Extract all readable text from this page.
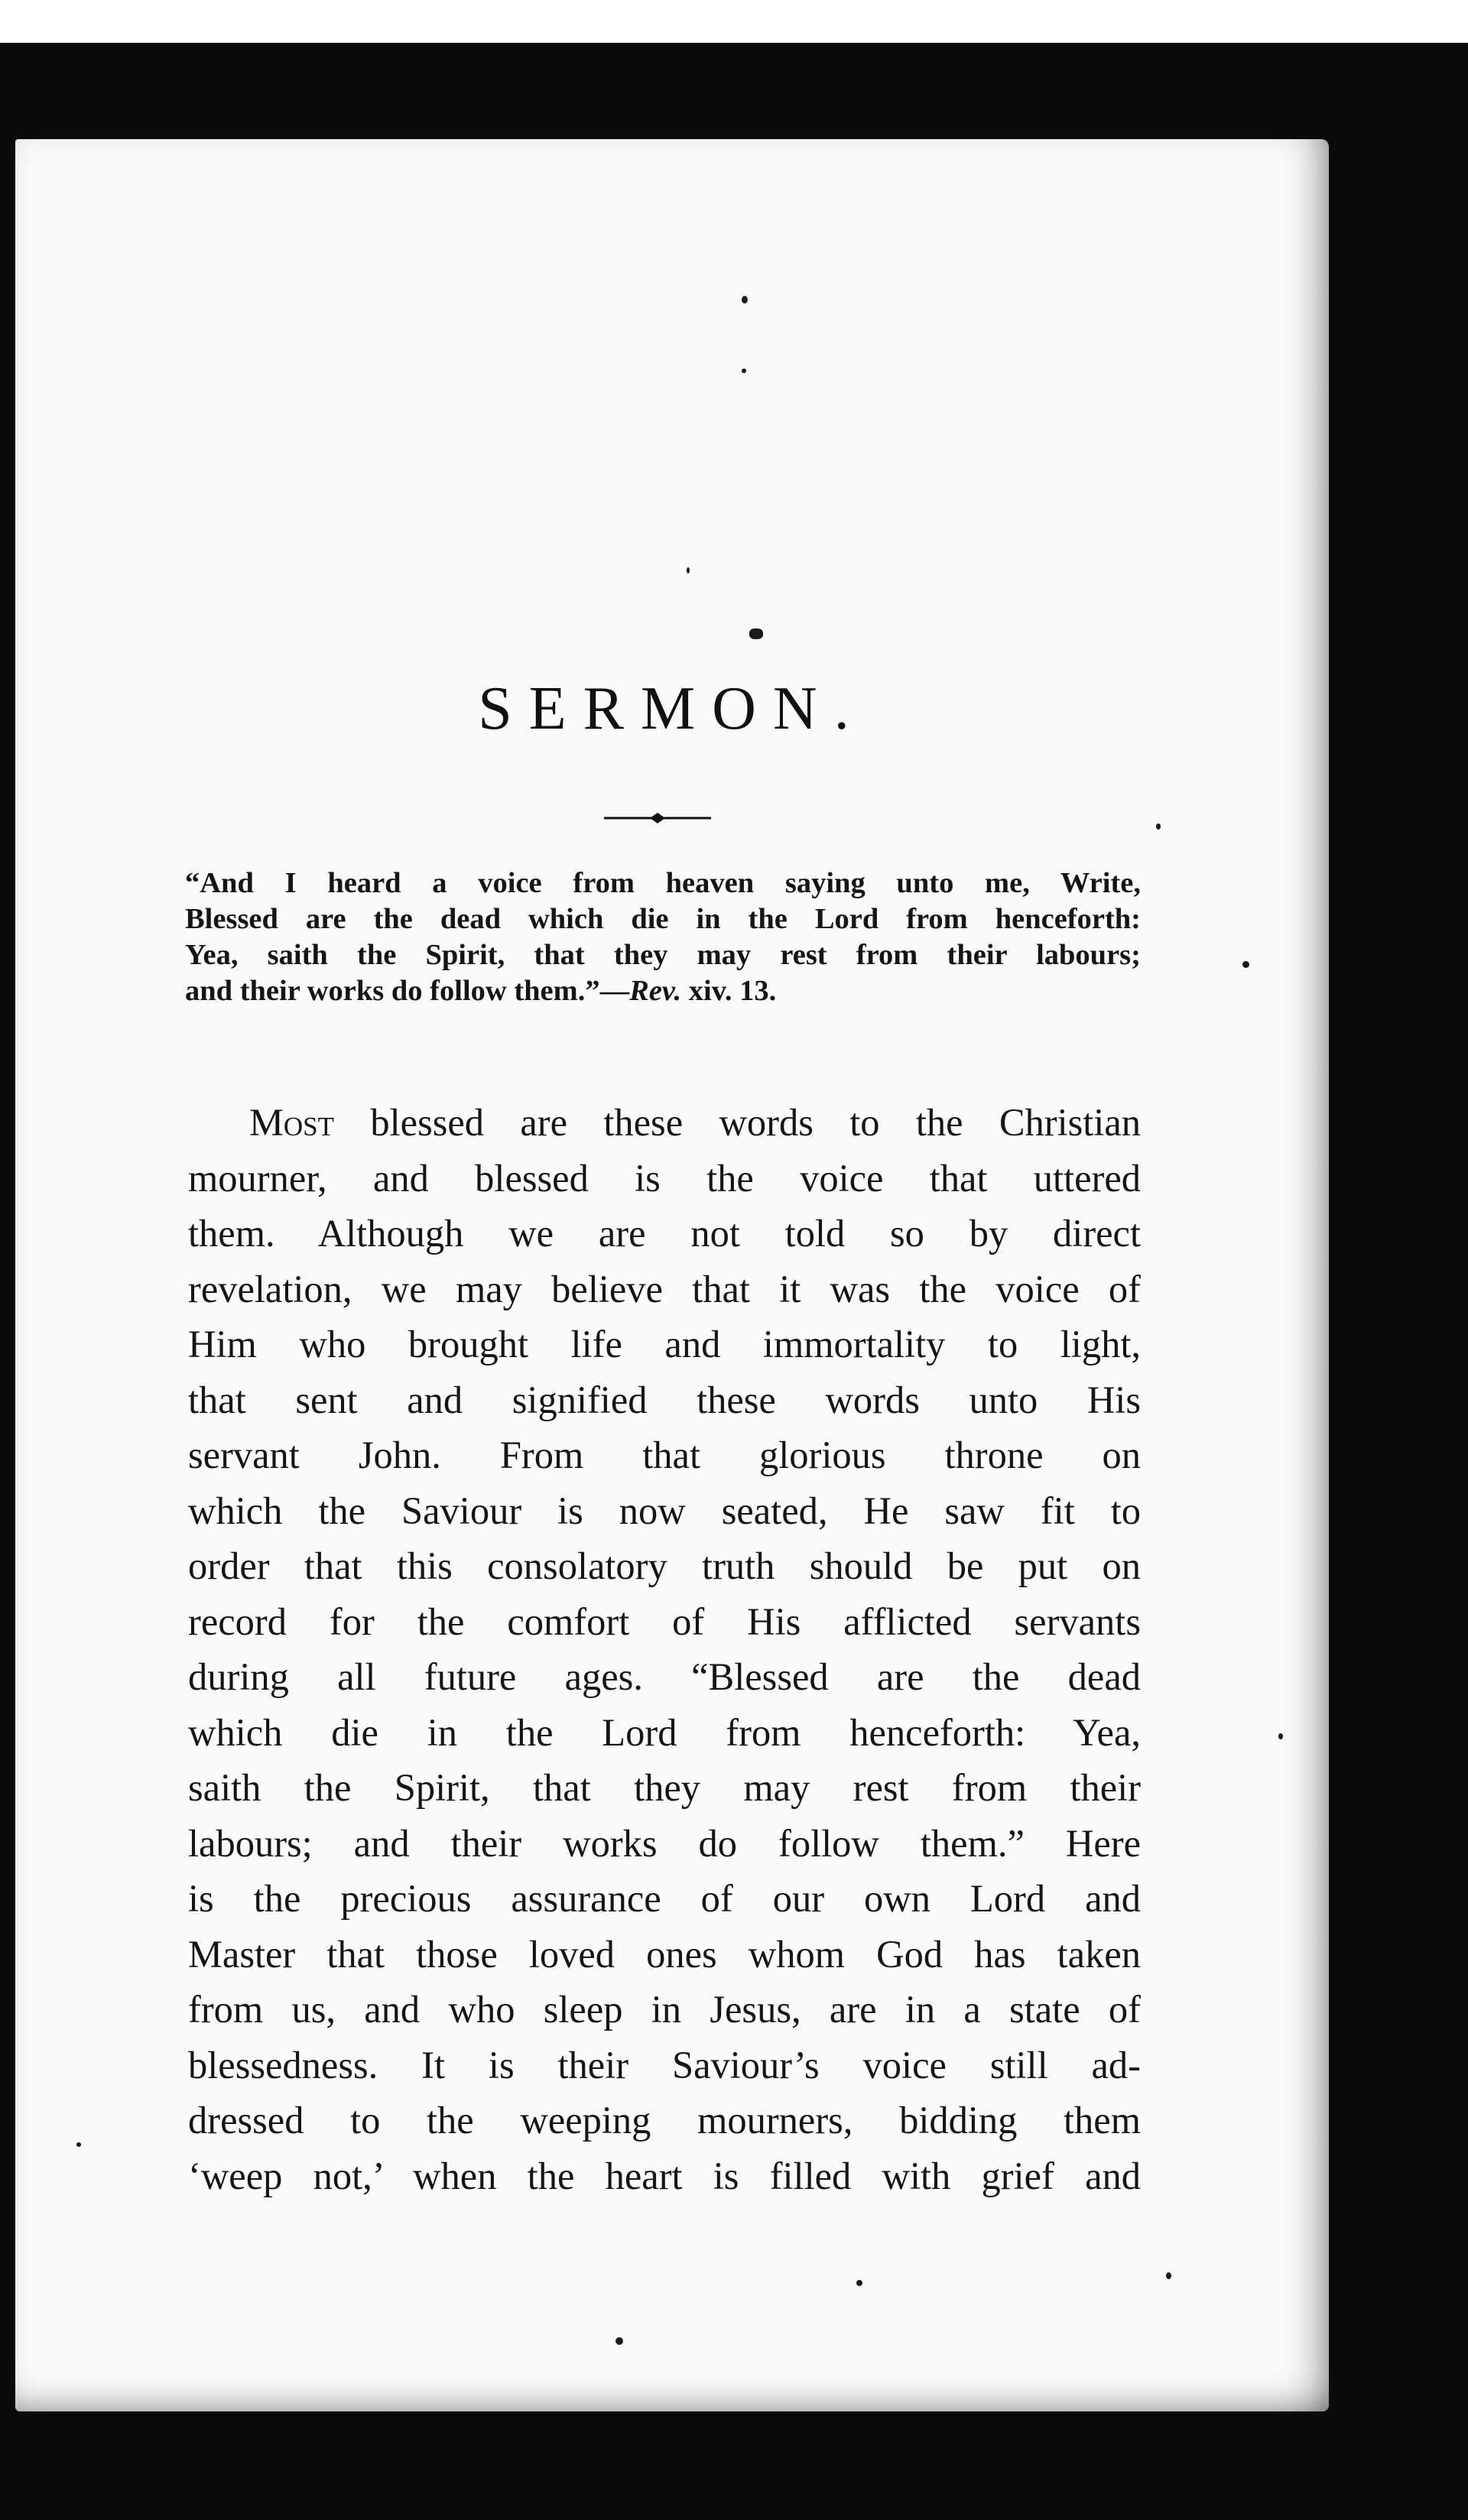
SERMON.
“And I heard a voice from heaven saying unto me, Write,
Blessed are the dead which die in the Lord from henceforth:
Yea, saith the Spirit, that they may rest from their labours;
and their works do follow them.”—Rev. xiv. 13.
Most blessed are these words to the Christian
mourner, and blessed is the voice that uttered
them. Although we are not told so by direct
revelation, we may believe that it was the voice of
Him who brought life and immortality to light,
that sent and signified these words unto His
servant John. From that glorious throne on
which the Saviour is now seated, He saw fit to
order that this consolatory truth should be put on
record for the comfort of His afflicted servants
during all future ages. “Blessed are the dead
which die in the Lord from henceforth: Yea,
saith the Spirit, that they may rest from their
labours; and their works do follow them.” Here
is the precious assurance of our own Lord and
Master that those loved ones whom God has taken
from us, and who sleep in Jesus, are in a state of
blessedness. It is their Saviour’s voice still ad-
dressed to the weeping mourners, bidding them
‘weep not,’ when the heart is filled with grief and
